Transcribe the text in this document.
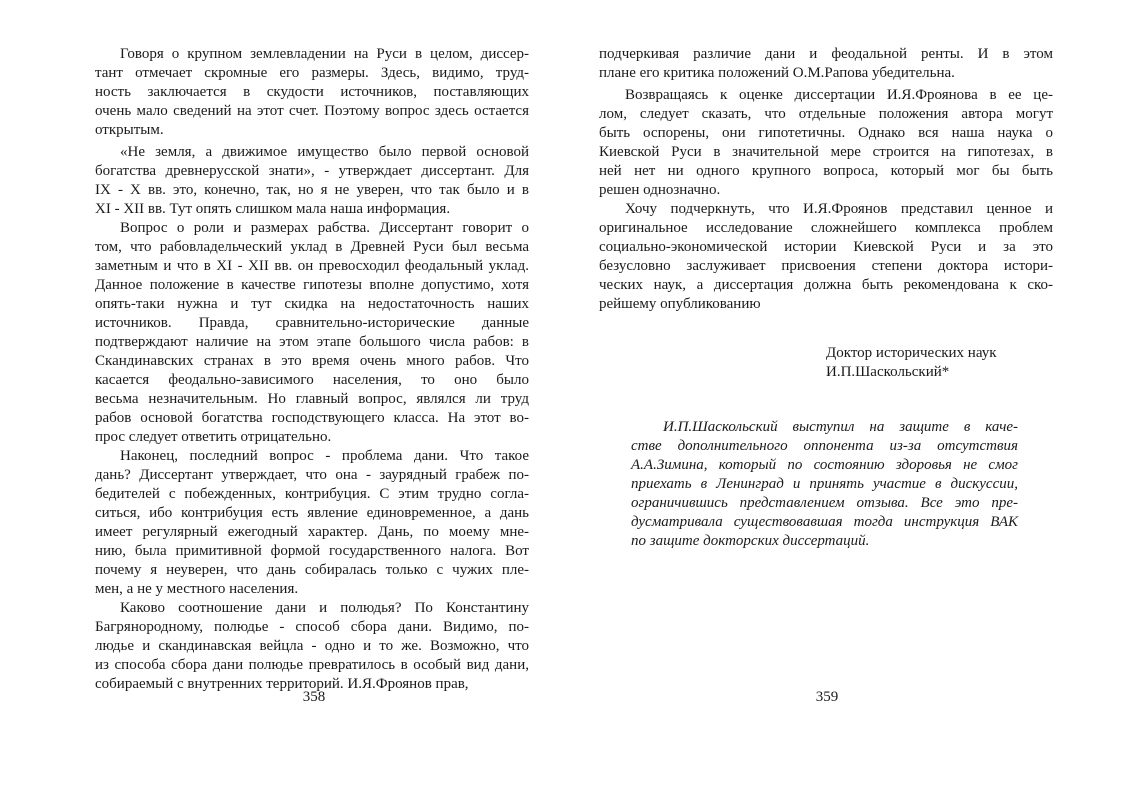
Говоря о крупном землевладении на Руси в целом, диссер-

тант отмечает скромные его размеры. Здесь, видимо, труд-

ность заключается в скудости источников, поставляющих

очень мало сведений на этот счет. Поэтому вопрос здесь остается

открытым.

«Не земля, а движимое имущество было первой основой

богатства древнерусской знати», - утверждает диссертант. Для

IX - X вв. это, конечно, так, но я не уверен, что так было и в

XI - XII вв. Тут опять слишком мала наша информация.

Вопрос о роли и размерах рабства. Диссертант говорит о

том, что рабовладельческий уклад в Древней Руси был весьма

заметным и что в XI - XII вв. он превосходил феодальный уклад.

Данное положение в качестве гипотезы вполне допустимо, хотя

опять-таки нужна и тут скидка на недостаточность наших

источников. Правда, сравнительно-исторические данные

подтверждают наличие на этом этапе большого числа рабов: в

Скандинавских странах в это время очень много рабов. Что

касается феодально-зависимого населения, то оно было

весьма незначительным. Но главный вопрос, являлся ли труд

рабов основой богатства господствующего класса. На этот во-

прос следует ответить отрицательно.

Наконец, последний вопрос - проблема дани. Что такое

дань? Диссертант утверждает, что она - заурядный грабеж по-

бедителей с побежденных, контрибуция. С этим трудно согла-

ситься, ибо контрибуция есть явление единовременное, а дань

имеет регулярный ежегодный характер. Дань, по моему мне-

нию, была примитивной формой государственного налога. Вот

почему я неуверен, что дань собиралась только с чужих пле-

мен, а не у местного населения.

Каково соотношение дани и полюдья? По Константину

Багрянородному, полюдье - способ сбора дани. Видимо, по-

людье и скандинавская вейцла - одно и то же. Возможно, что

из способа сбора дани полюдье превратилось в особый вид дани,

собираемый с внутренних территорий. И.Я.Фроянов прав,

358

подчеркивая различие дани и феодальной ренты. И в этом

плане его критика положений О.М.Рапова убедительна.

Возвращаясь к оценке диссертации И.Я.Фроянова в ее це-

лом, следует сказать, что отдельные положения автора могут

быть оспорены, они гипотетичны. Однако вся наша наука о

Киевской Руси в значительной мере строится на гипотезах, в

ней нет ни одного крупного вопроса, который мог бы быть

решен однозначно.

Хочу подчеркнуть, что И.Я.Фроянов представил ценное и

оригинальное исследование сложнейшего комплекса проблем

социально-экономической истории Киевской Руси и за это

безусловно заслуживает присвоения степени доктора истори-

ческих наук, а диссертация должна быть рекомендована к ско-

рейшему опубликованию

Доктор исторических наук
И.П.Шаскольский*

И.П.Шаскольский выступил на защите в каче-

стве дополнительного оппонента из-за отсутствия

А.А.Зимина, который по состоянию здоровья не смог

приехать в Ленинград и принять участие в дискуссии,

ограничившись представлением отзыва. Все это пре-

дусматривала существовавшая тогда инструкция ВАК

по защите докторских диссертаций.

359
